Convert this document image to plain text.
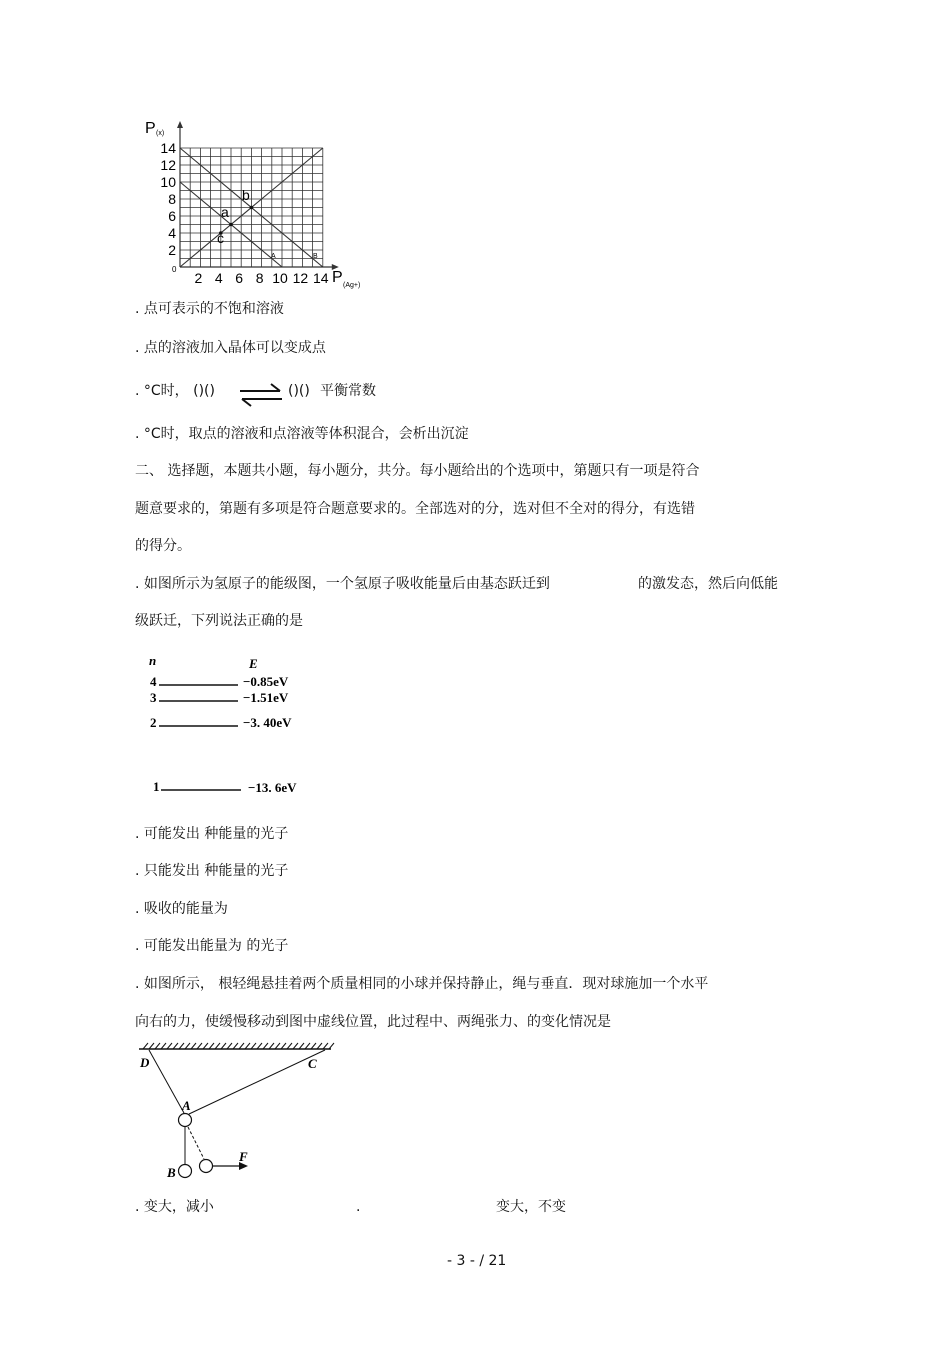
P (x)
P (Ag+)
0
14
12
10
8
6
4
2
2 4 6 8 10 12 14
b
a
c
A	B
. 点可表示的不饱和溶液
. 点的溶液加入晶体可以变成点
. °C时， ()() ⇌ ()() 平衡常数
. °C时，取点的溶液和点溶液等体积混合，会析出沉淀
二、 选择题，本题共小题，每小题分，共分。每小题给出的个选项中，第题只有一项是符合
题意要求的，第题有多项是符合题意要求的。全部选对的分，选对但不全对的得分，有选错
的得分。
. 如图所示为氢原子的能级图，一个氢原子吸收能量后由基态跃迁到	的激发态，然后向低能
级跃迁，下列说法正确的是
n	E
4	−0.85eV
3	−1.51eV
2	−3. 40eV
1	−13. 6eV
. 可能发出 种能量的光子
. 只能发出 种能量的光子
. 吸收的能量为
. 可能发出能量为 的光子
. 如图所示， 根轻绳悬挂着两个质量相同的小球并保持静止，绳与垂直．现对球施加一个水平
向右的力，使缓慢移动到图中虚线位置，此过程中、两绳张力、的变化情况是
D	C
A
B
F
. 变大，减小	.	变大，不变
- 3 - / 21
